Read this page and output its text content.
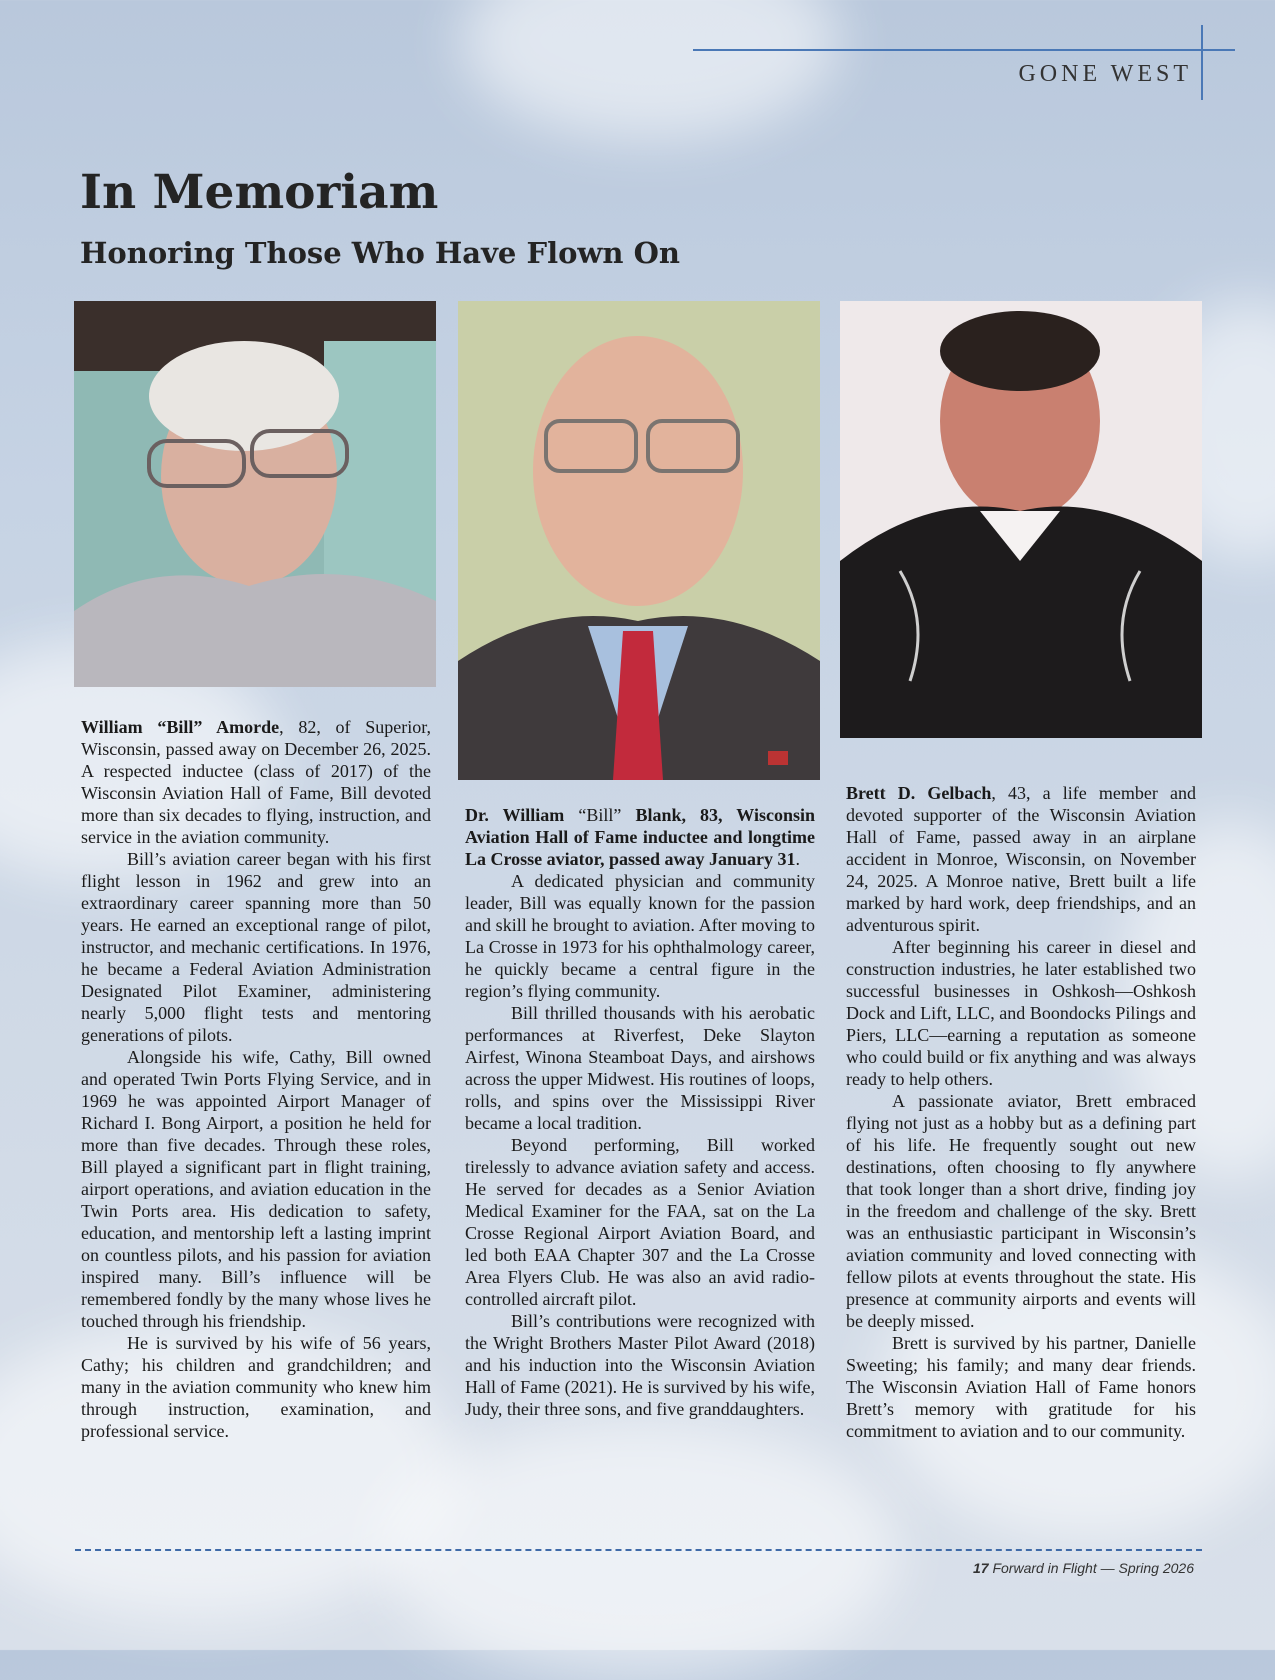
GONE WEST
In Memoriam
Honoring Those Who Have Flown On

William “Bill” Amorde, 82, of Superior, Wisconsin, passed away on December 26, 2025. A respected inductee (class of 2017) of the Wisconsin Aviation Hall of Fame, Bill devoted more than six decades to flying, instruction, and service in the aviation community.

Bill’s aviation career began with his first flight lesson in 1962 and grew into an extraordinary career spanning more than 50 years. He earned an exceptional range of pilot, instructor, and mechanic certifications. In 1976, he became a Federal Aviation Administration Designated Pilot Examiner, administering nearly 5,000 flight tests and mentoring generations of pilots.

Alongside his wife, Cathy, Bill owned and operated Twin Ports Flying Service, and in 1969 he was appointed Airport Manager of Richard I. Bong Airport, a position he held for more than five decades. Through these roles, Bill played a significant part in flight training, airport operations, and aviation education in the Twin Ports area. His dedication to safety, education, and mentorship left a lasting imprint on countless pilots, and his passion for aviation inspired many. Bill’s influence will be remembered fondly by the many whose lives he touched through his friendship.

He is survived by his wife of 56 years, Cathy; his children and grandchildren; and many in the aviation community who knew him through instruction, examination, and professional service.

Dr. William “Bill” Blank, 83, Wisconsin Aviation Hall of Fame inductee and longtime La Crosse aviator, passed away January 31.

A dedicated physician and community leader, Bill was equally known for the passion and skill he brought to aviation. After moving to La Crosse in 1973 for his ophthalmology career, he quickly became a central figure in the region’s flying community.

Bill thrilled thousands with his aerobatic performances at Riverfest, Deke Slayton Airfest, Winona Steamboat Days, and airshows across the upper Midwest. His routines of loops, rolls, and spins over the Mississippi River became a local tradition.

Beyond performing, Bill worked tirelessly to advance aviation safety and access. He served for decades as a Senior Aviation Medical Examiner for the FAA, sat on the La Crosse Regional Airport Aviation Board, and led both EAA Chapter 307 and the La Crosse Area Flyers Club. He was also an avid radio-controlled aircraft pilot.

Bill’s contributions were recognized with the Wright Brothers Master Pilot Award (2018) and his induction into the Wisconsin Aviation Hall of Fame (2021). He is survived by his wife, Judy, their three sons, and five granddaughters.

Brett D. Gelbach, 43, a life member and devoted supporter of the Wisconsin Aviation Hall of Fame, passed away in an airplane accident in Monroe, Wisconsin, on November 24, 2025. A Monroe native, Brett built a life marked by hard work, deep friendships, and an adventurous spirit.

After beginning his career in diesel and construction industries, he later established two successful businesses in Oshkosh—Oshkosh Dock and Lift, LLC, and Boondocks Pilings and Piers, LLC—earning a reputation as someone who could build or fix anything and was always ready to help others.

A passionate aviator, Brett embraced flying not just as a hobby but as a defining part of his life. He frequently sought out new destinations, often choosing to fly anywhere that took longer than a short drive, finding joy in the freedom and challenge of the sky. Brett was an enthusiastic participant in Wisconsin’s aviation community and loved connecting with fellow pilots at events throughout the state. His presence at community airports and events will be deeply missed.

Brett is survived by his partner, Danielle Sweeting; his family; and many dear friends. The Wisconsin Aviation Hall of Fame honors Brett’s memory with gratitude for his commitment to aviation and to our community.

17 Forward in Flight — Spring 2026
